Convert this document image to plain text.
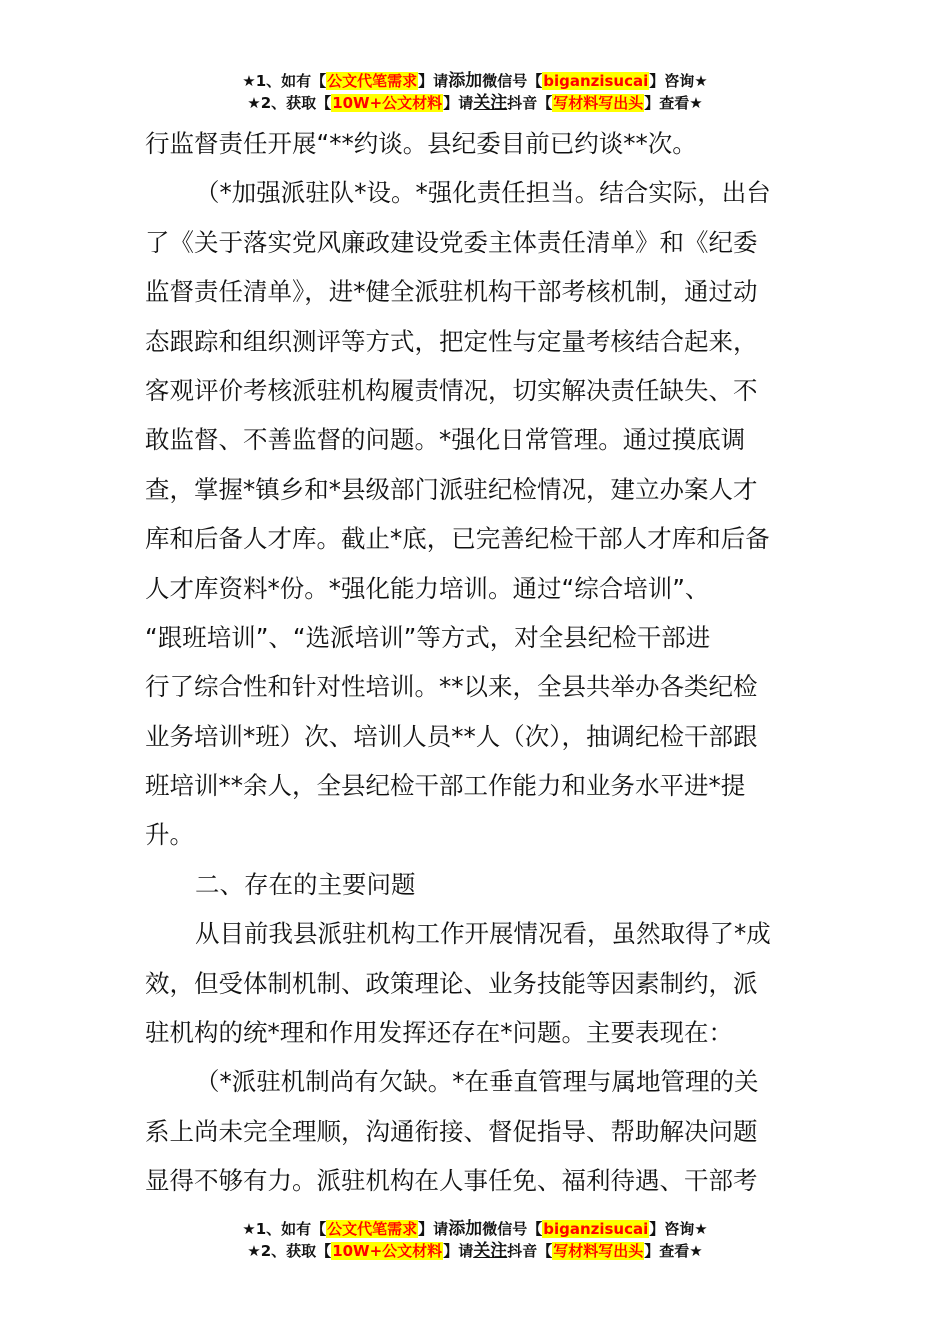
★1、如有【公文代笔需求】请添加微信号【biganzisucai】咨询★
★2、获取【10W+公文材料】请关注抖音【写材料写出头】查看★
行监督责任开展“**约谈。县纪委目前已约谈**次。
（*加强派驻队*设。*强化责任担当。结合实际，出台
了《关于落实党风廉政建设党委主体责任清单》和《纪委
监督责任清单》，进*健全派驻机构干部考核机制，通过动
态跟踪和组织测评等方式，把定性与定量考核结合起来，
客观评价考核派驻机构履责情况，切实解决责任缺失、不
敢监督、不善监督的问题。*强化日常管理。通过摸底调
查，掌握*镇乡和*县级部门派驻纪检情况，建立办案人才
库和后备人才库。截止*底，已完善纪检干部人才库和后备
人才库资料*份。*强化能力培训。通过“综合培训”、
“跟班培训”、“选派培训”等方式，对全县纪检干部进
行了综合性和针对性培训。**以来，全县共举办各类纪检
业务培训*班）次、培训人员**人（次），抽调纪检干部跟
班培训**余人，全县纪检干部工作能力和业务水平进*提
升。
二、存在的主要问题
从目前我县派驻机构工作开展情况看，虽然取得了*成
效，但受体制机制、政策理论、业务技能等因素制约，派
驻机构的统*理和作用发挥还存在*问题。主要表现在：
（*派驻机制尚有欠缺。*在垂直管理与属地管理的关
系上尚未完全理顺，沟通衔接、督促指导、帮助解决问题
显得不够有力。派驻机构在人事任免、福利待遇、干部考
★1、如有【公文代笔需求】请添加微信号【biganzisucai】咨询★
★2、获取【10W+公文材料】请关注抖音【写材料写出头】查看★
